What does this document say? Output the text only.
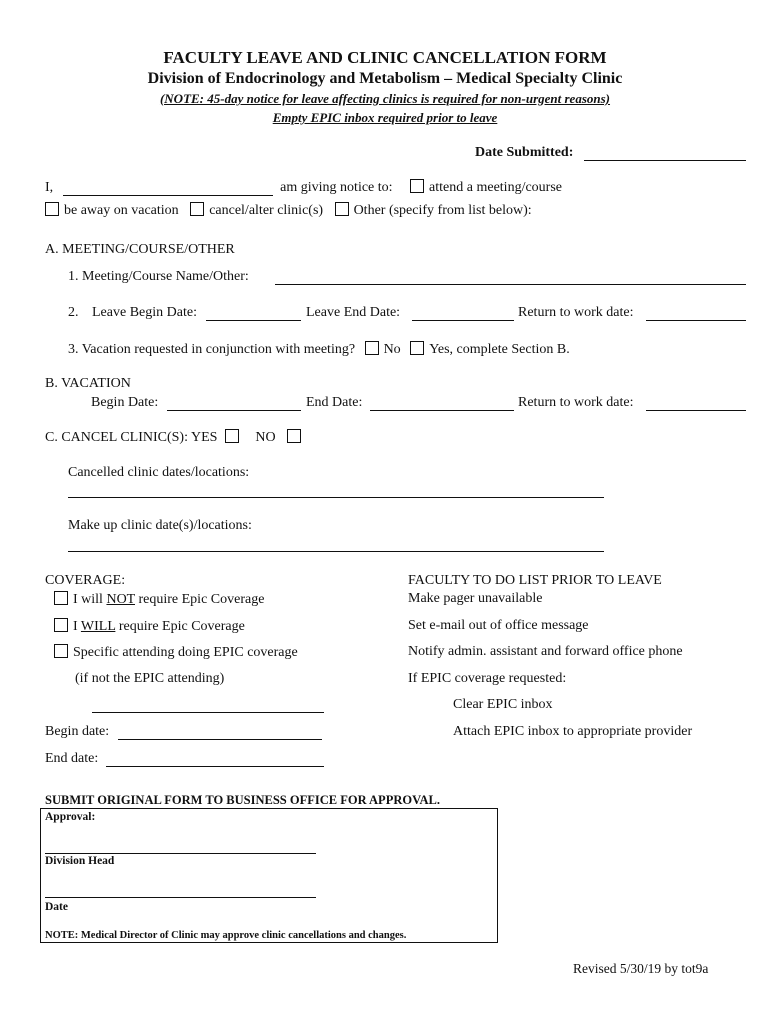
FACULTY LEAVE AND CLINIC CANCELLATION FORM
Division of Endocrinology and Metabolism – Medical Specialty Clinic
(NOTE: 45-day notice for leave affecting clinics is required for non-urgent reasons)
Empty EPIC inbox required prior to leave
Date Submitted:
I,	am giving notice to:	attend a meeting/course
be away on vacation cancel/alter clinic(s) Other (specify from list below):
A. MEETING/COURSE/OTHER
1. Meeting/Course Name/Other:
2. Leave Begin Date:	Leave End Date:	Return to work date:
3. Vacation requested in conjunction with meeting? No Yes, complete Section B.
B. VACATION
Begin Date:	End Date:	Return to work date:
C. CANCEL CLINIC(S): YES	NO
Cancelled clinic dates/locations:
Make up clinic date(s)/locations:
COVERAGE:
I will NOT require Epic Coverage
I WILL require Epic Coverage
Specific attending doing EPIC coverage
(if not the EPIC attending)
Begin date:
End date:
FACULTY TO DO LIST PRIOR TO LEAVE
Make pager unavailable
Set e-mail out of office message
Notify admin. assistant and forward office phone
If EPIC coverage requested:
Clear EPIC inbox
Attach EPIC inbox to appropriate provider
SUBMIT ORIGINAL FORM TO BUSINESS OFFICE FOR APPROVAL.
Approval:
Division Head
Date
NOTE: Medical Director of Clinic may approve clinic cancellations and changes.
Revised 5/30/19 by tot9a
